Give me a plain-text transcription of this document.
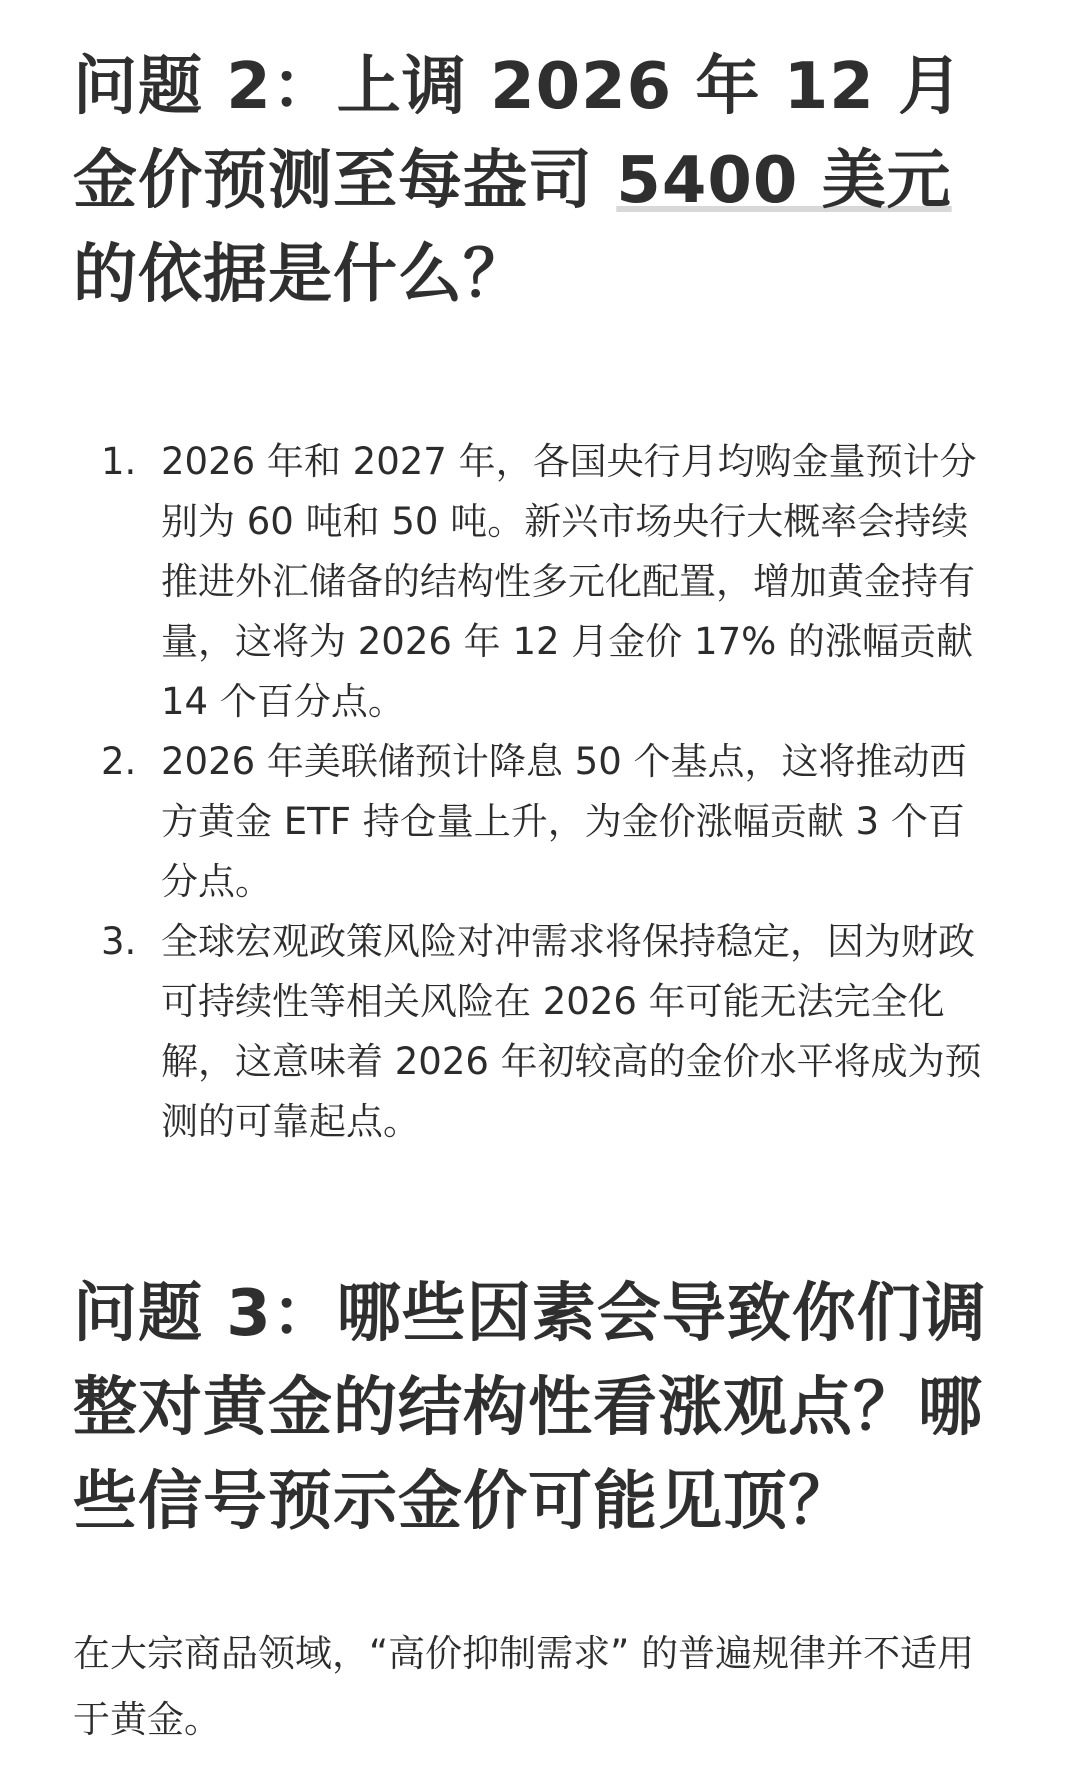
问题 2：上调 2026 年 12 月金价预测至每盎司 5400 美元的依据是什么？
1. 2026 年和 2027 年，各国央行月均购金量预计分别为 60 吨和 50 吨。新兴市场央行大概率会持续推进外汇储备的结构性多元化配置，增加黄金持有量，这将为 2026 年 12 月金价 17% 的涨幅贡献 14 个百分点。
2. 2026 年美联储预计降息 50 个基点，这将推动西方黄金 ETF 持仓量上升，为金价涨幅贡献 3 个百分点。
3. 全球宏观政策风险对冲需求将保持稳定，因为财政可持续性等相关风险在 2026 年可能无法完全化解，这意味着 2026 年初较高的金价水平将成为预测的可靠起点。
问题 3：哪些因素会导致你们调整对黄金的结构性看涨观点？哪些信号预示金价可能见顶？

在大宗商品领域，“高价抑制需求” 的普遍规律并不适用于黄金。
